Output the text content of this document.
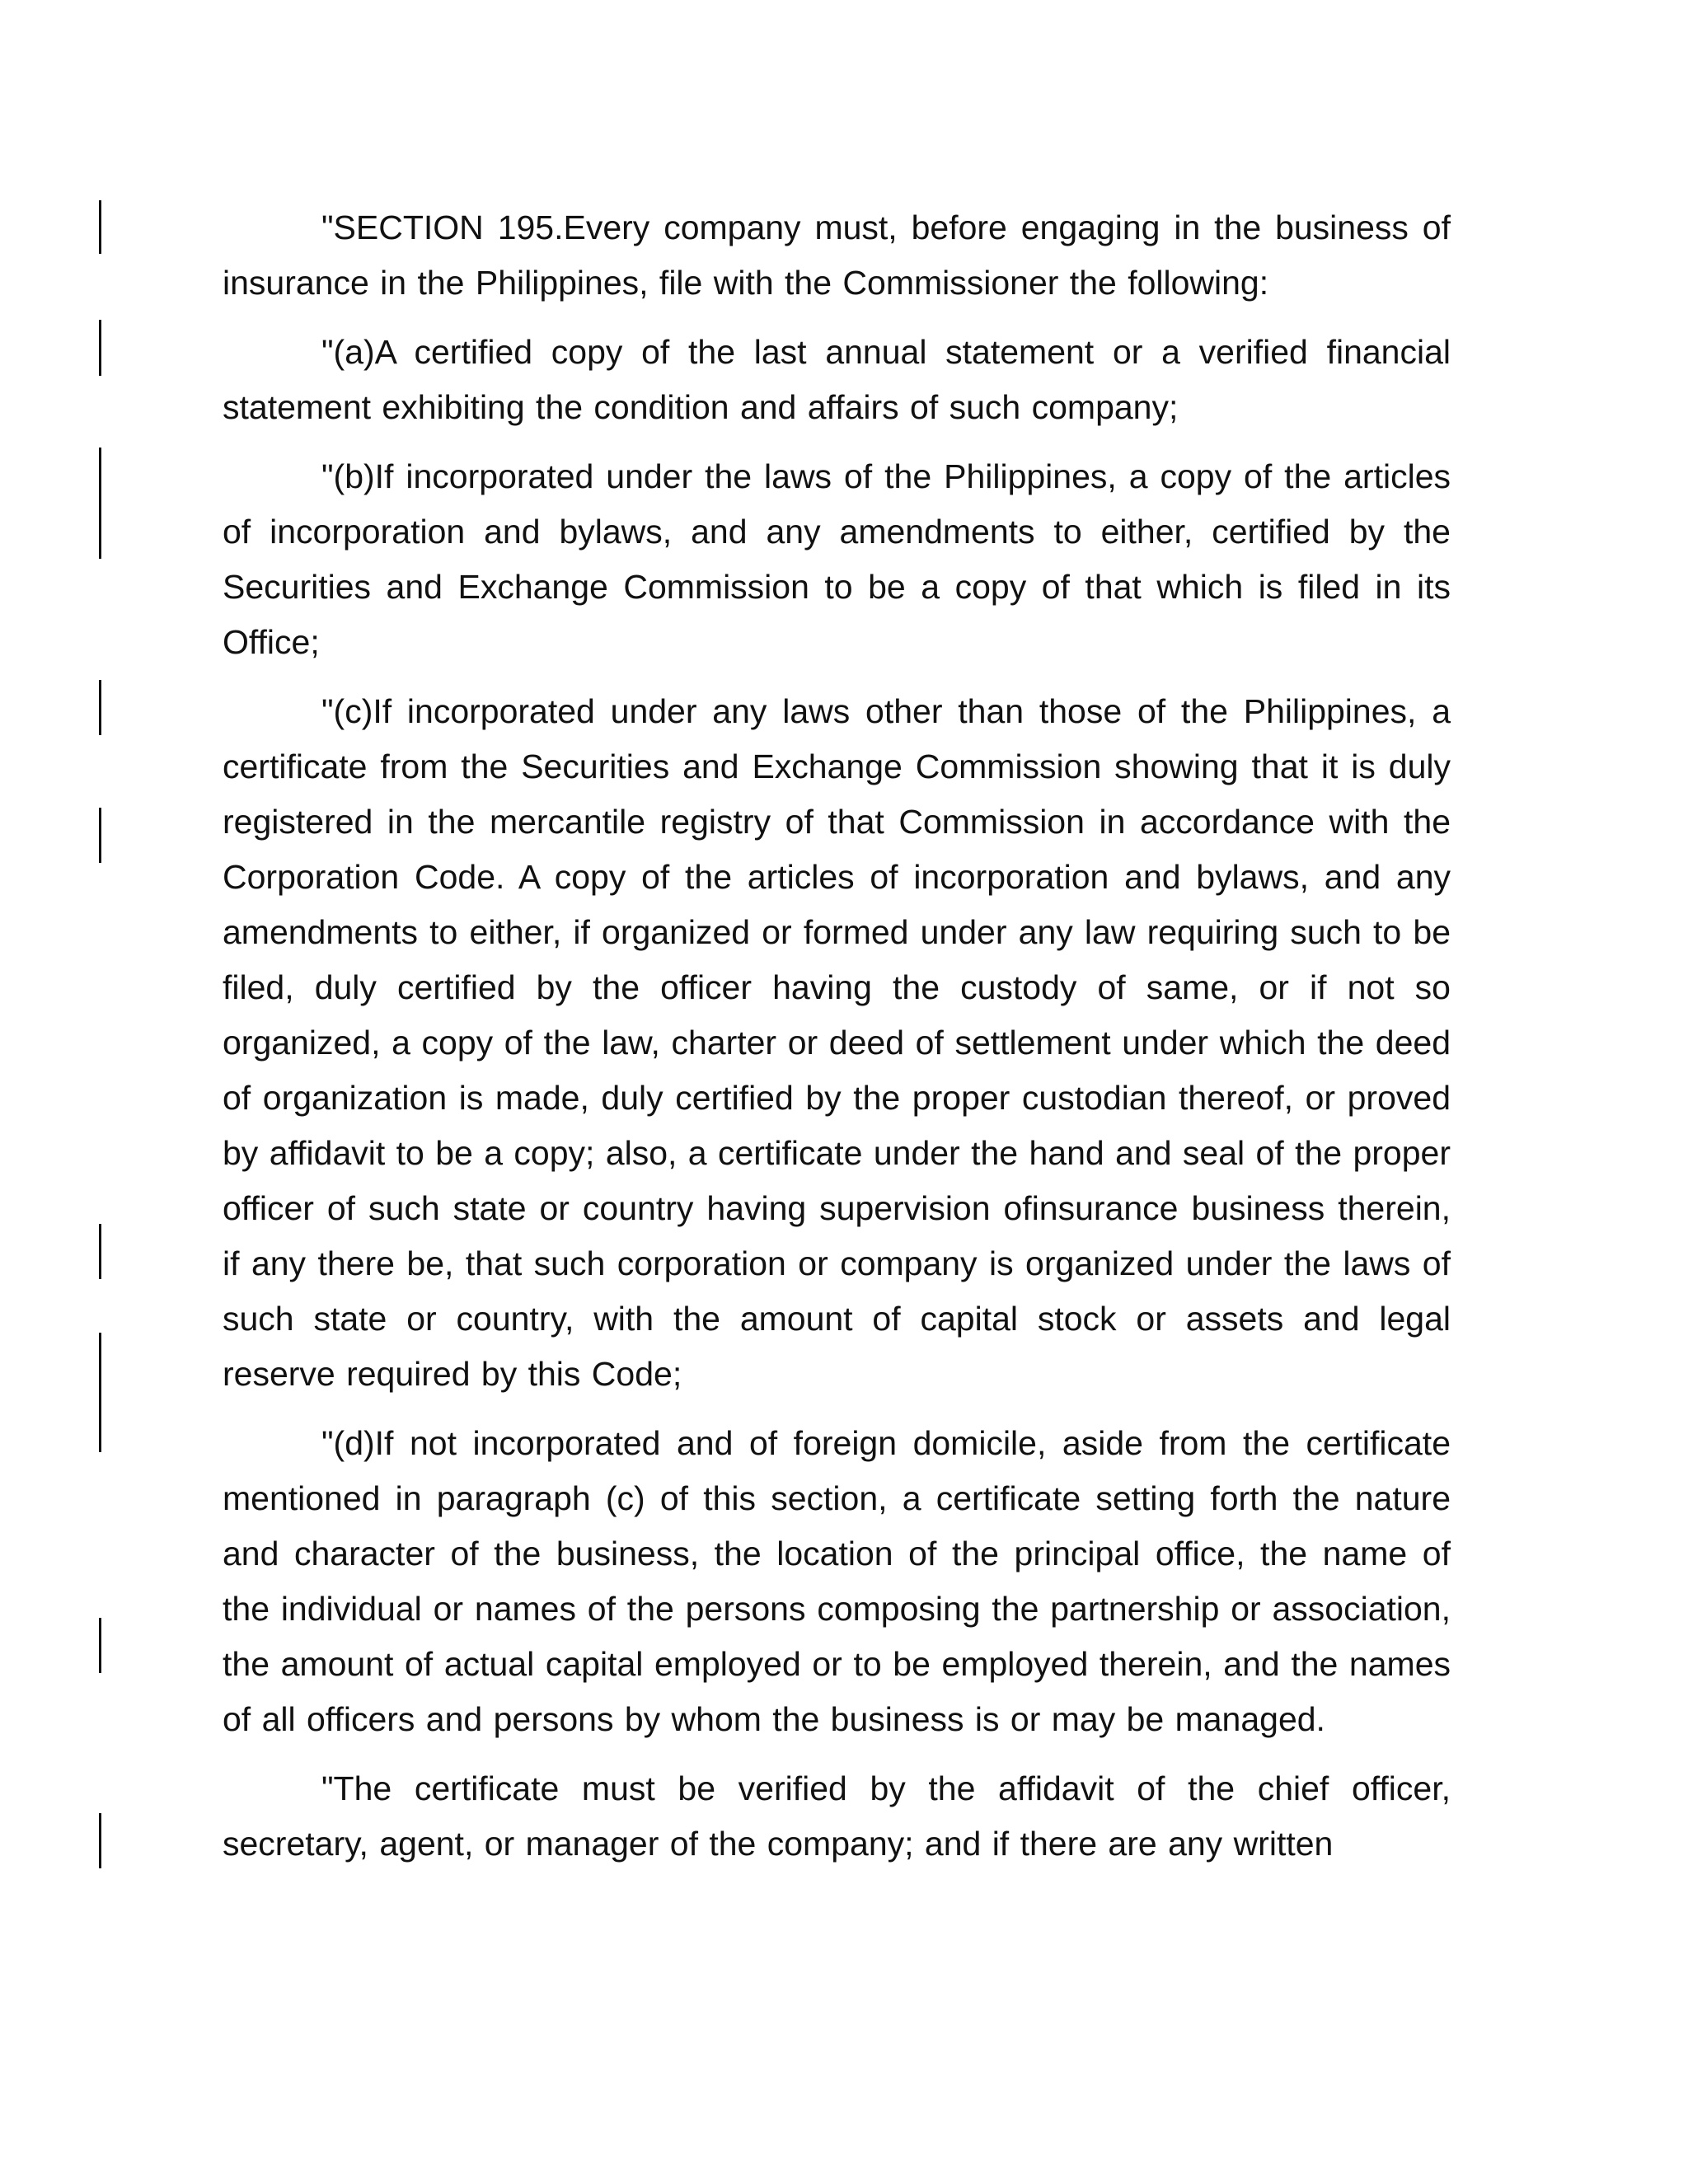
"SECTION 195.Every company must, before engaging in the business of insurance in the Philippines, file with the Commissioner the following:

"(a)A certified copy of the last annual statement or a verified financial statement exhibiting the condition and affairs of such company;

"(b)If incorporated under the laws of the Philippines, a copy of the articles of incorporation and bylaws, and any amendments to either, certified by the Securities and Exchange Commission to be a copy of that which is filed in its Office;

"(c)If incorporated under any laws other than those of the Philippines, a certificate from the Securities and Exchange Commission showing that it is duly registered in the mercantile registry of that Commission in accordance with the Corporation Code. A copy of the articles of incorporation and bylaws, and any amendments to either, if organized or formed under any law requiring such to be filed, duly certified by the officer having the custody of same, or if not so organized, a copy of the law, charter or deed of settlement under which the deed of organization is made, duly certified by the proper custodian thereof, or proved by affidavit to be a copy; also, a certificate under the hand and seal of the proper officer of such state or country having supervision ofinsurance business therein, if any there be, that such corporation or company is organized under the laws of such state or country, with the amount of capital stock or assets and legal reserve required by this Code;

"(d)If not incorporated and of foreign domicile, aside from the certificate mentioned in paragraph (c) of this section, a certificate setting forth the nature and character of the business, the location of the principal office, the name of the individual or names of the persons composing the partnership or association, the amount of actual capital employed or to be employed therein, and the names of all officers and persons by whom the business is or may be managed.

"The certificate must be verified by the affidavit of the chief officer, secretary, agent, or manager of the company; and if there are any written
